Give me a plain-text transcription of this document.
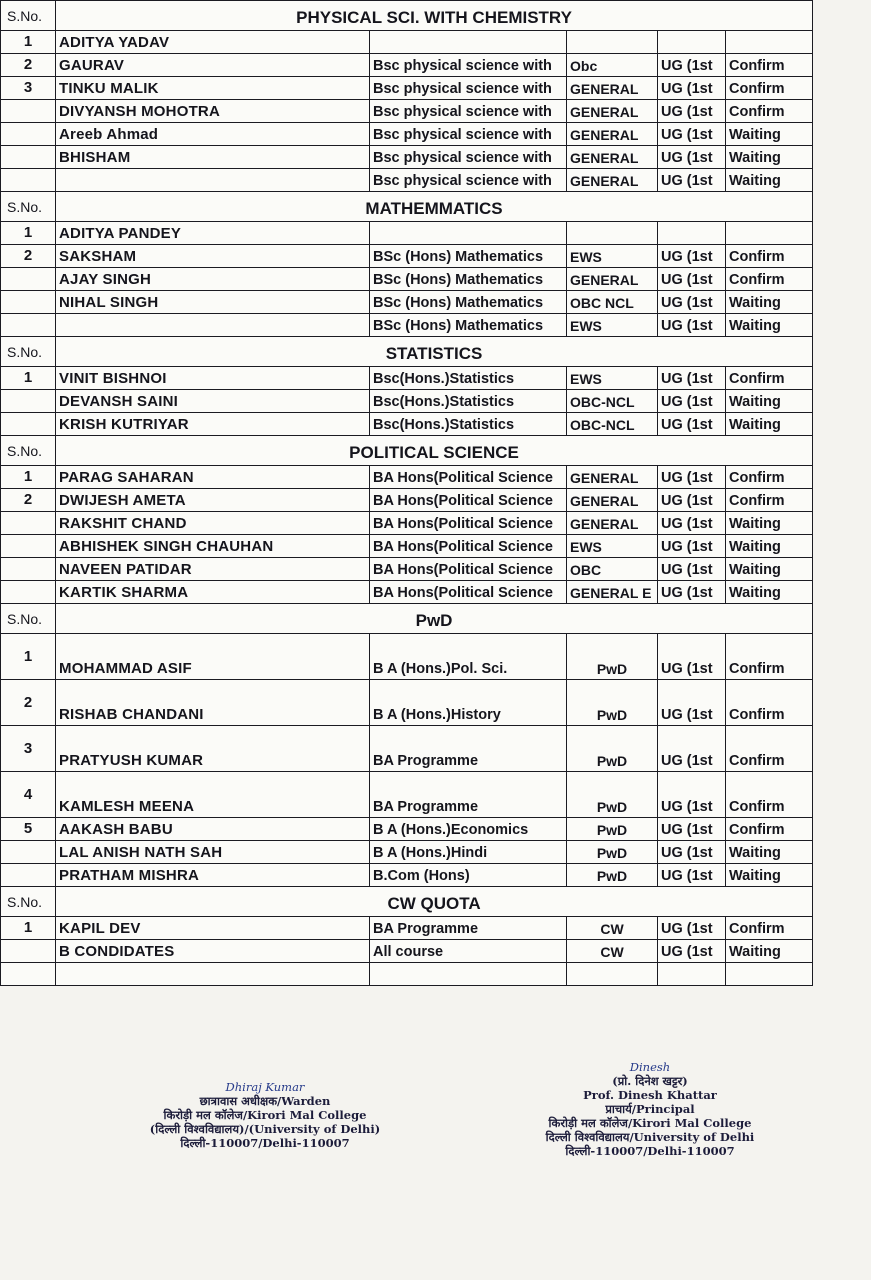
S.No.	PHYSICAL SCI. WITH CHEMISTRY				
1	ADITYA YADAV				
2	GAURAV	Bsc physical science with	Obc	UG (1st	Confirm
3	TINKU MALIK	Bsc physical science with	GENERAL	UG (1st	Confirm
	DIVYANSH MOHOTRA	Bsc physical science with	GENERAL	UG (1st	Confirm
	Areeb Ahmad	Bsc physical science with	GENERAL	UG (1st	Waiting
	BHISHAM	Bsc physical science with	GENERAL	UG (1st	Waiting
		Bsc physical science with	GENERAL	UG (1st	Waiting
S.No.	MATHEMMATICS				
1	ADITYA PANDEY				
2	SAKSHAM	BSc (Hons) Mathematics	EWS	UG (1st	Confirm
	AJAY SINGH	BSc (Hons) Mathematics	GENERAL	UG (1st	Confirm
	NIHAL SINGH	BSc (Hons) Mathematics	OBC NCL	UG (1st	Waiting
		BSc (Hons) Mathematics	EWS	UG (1st	Waiting
S.No.	STATISTICS				
1	VINIT BISHNOI	Bsc(Hons.)Statistics	EWS	UG (1st	Confirm
	DEVANSH SAINI	Bsc(Hons.)Statistics	OBC-NCL	UG (1st	Waiting
	KRISH KUTRIYAR	Bsc(Hons.)Statistics	OBC-NCL	UG (1st	Waiting
S.No.	POLITICAL SCIENCE				
1	PARAG SAHARAN	BA Hons(Political Science	GENERAL	UG (1st	Confirm
2	DWIJESH AMETA	BA Hons(Political Science	GENERAL	UG (1st	Confirm
	RAKSHIT CHAND	BA Hons(Political Science	GENERAL	UG (1st	Waiting
	ABHISHEK SINGH CHAUHAN	BA Hons(Political Science	EWS	UG (1st	Waiting
	NAVEEN PATIDAR	BA Hons(Political Science	OBC	UG (1st	Waiting
	KARTIK SHARMA	BA Hons(Political Science	GENERAL E	UG (1st	Waiting
S.No.	PwD				
1	MOHAMMAD ASIF	B A (Hons.)Pol. Sci.	PwD	UG (1st	Confirm
2	RISHAB CHANDANI	B A (Hons.)History	PwD	UG (1st	Confirm
3	PRATYUSH KUMAR	BA Programme	PwD	UG (1st	Confirm
4	KAMLESH MEENA	BA Programme	PwD	UG (1st	Confirm
5	AAKASH BABU	B A (Hons.)Economics	PwD	UG (1st	Confirm
	LAL ANISH NATH SAH	B A (Hons.)Hindi	PwD	UG (1st	Waiting
	PRATHAM MISHRA	B.Com (Hons)	PwD	UG (1st	Waiting
S.No.	CW QUOTA				
1	KAPIL DEV	BA Programme	CW	UG (1st	Confirm
	B CONDIDATES	All course	CW	UG (1st	Waiting

Dhiraj Kumar
छात्रावास अधीक्षक/Warden
किरोड़ी मल कॉलेज/Kirori Mal College
(दिल्ली विश्वविद्यालय)/(University of Delhi)
दिल्ली-110007/Delhi-110007
Dinesh
(प्रो. दिनेश खट्टर)
Prof. Dinesh Khattar
प्राचार्य/Principal
किरोड़ी मल कॉलेज/Kirori Mal College
दिल्ली विश्वविद्यालय/University of Delhi
दिल्ली-110007/Delhi-110007
